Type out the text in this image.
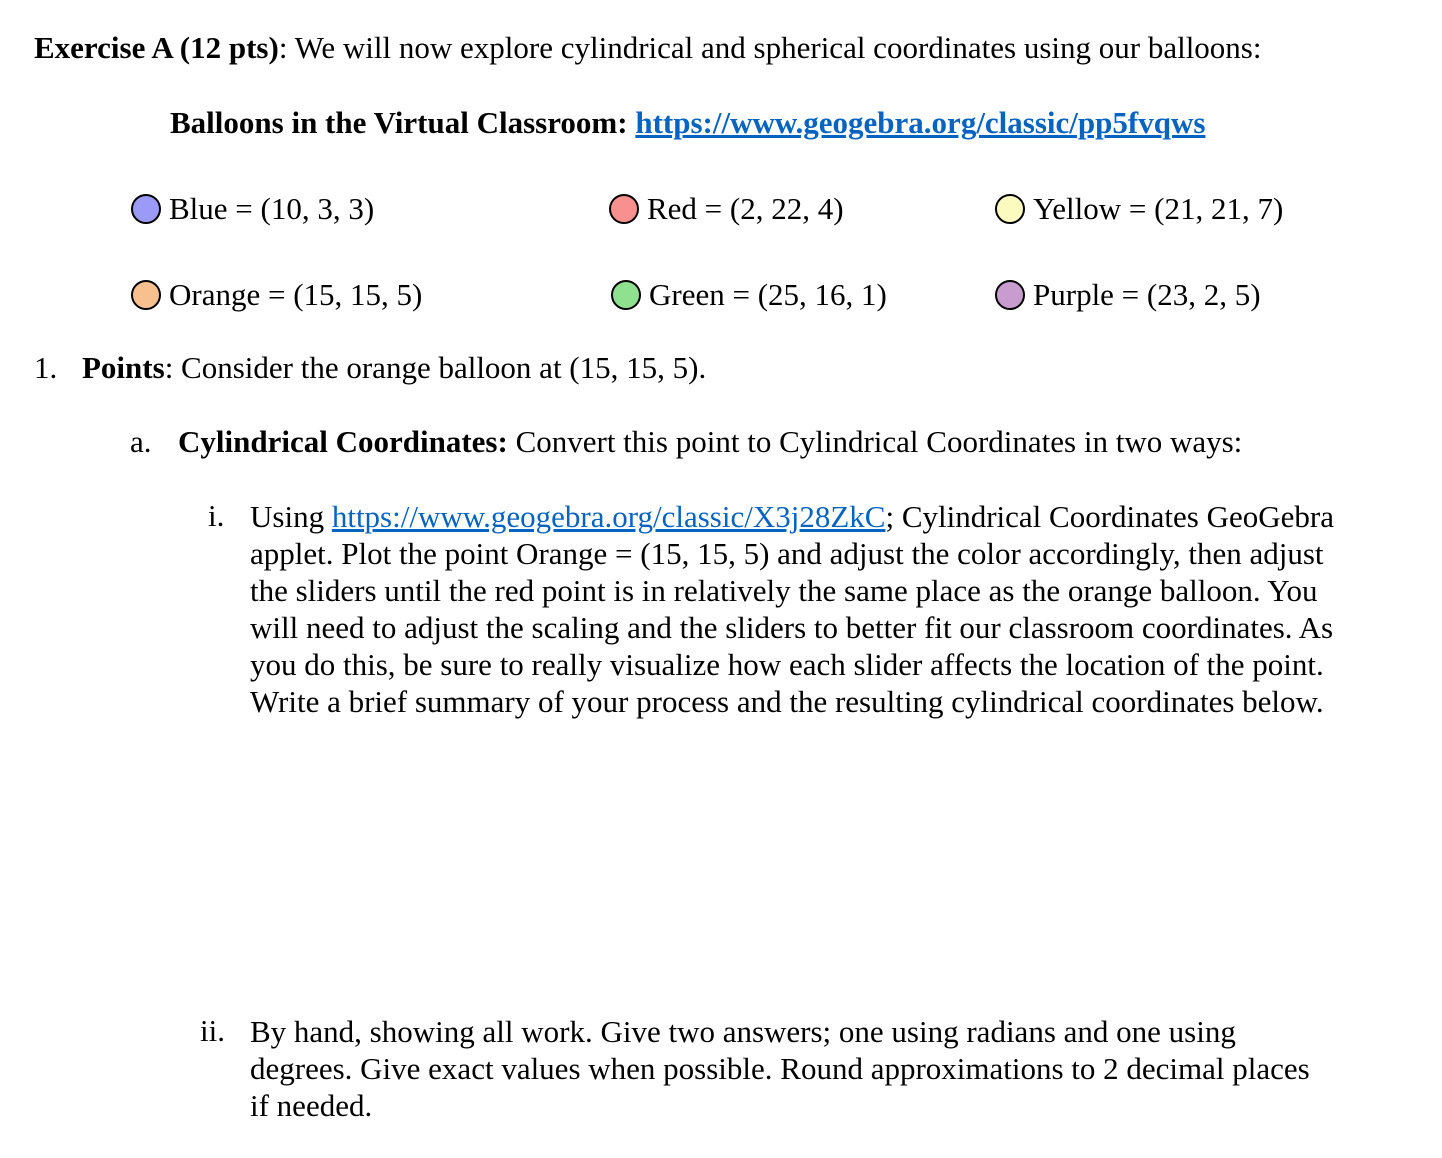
Exercise A (12 pts): We will now explore cylindrical and spherical coordinates using our balloons:
Balloons in the Virtual Classroom: https://www.geogebra.org/classic/pp5fvqws
Blue = (10, 3, 3)	Red = (2, 22, 4)	Yellow = (21, 21, 7)
Orange = (15, 15, 5)	Green = (25, 16, 1)	Purple = (23, 2, 5)
1. Points: Consider the orange balloon at (15, 15, 5).
a. Cylindrical Coordinates: Convert this point to Cylindrical Coordinates in two ways:
i. Using https://www.geogebra.org/classic/X3j28ZkC; Cylindrical Coordinates GeoGebra
applet. Plot the point Orange = (15, 15, 5) and adjust the color accordingly, then adjust
the sliders until the red point is in relatively the same place as the orange balloon. You
will need to adjust the scaling and the sliders to better fit our classroom coordinates. As
you do this, be sure to really visualize how each slider affects the location of the point.
Write a brief summary of your process and the resulting cylindrical coordinates below.
ii. By hand, showing all work. Give two answers; one using radians and one using
degrees. Give exact values when possible. Round approximations to 2 decimal places
if needed.
